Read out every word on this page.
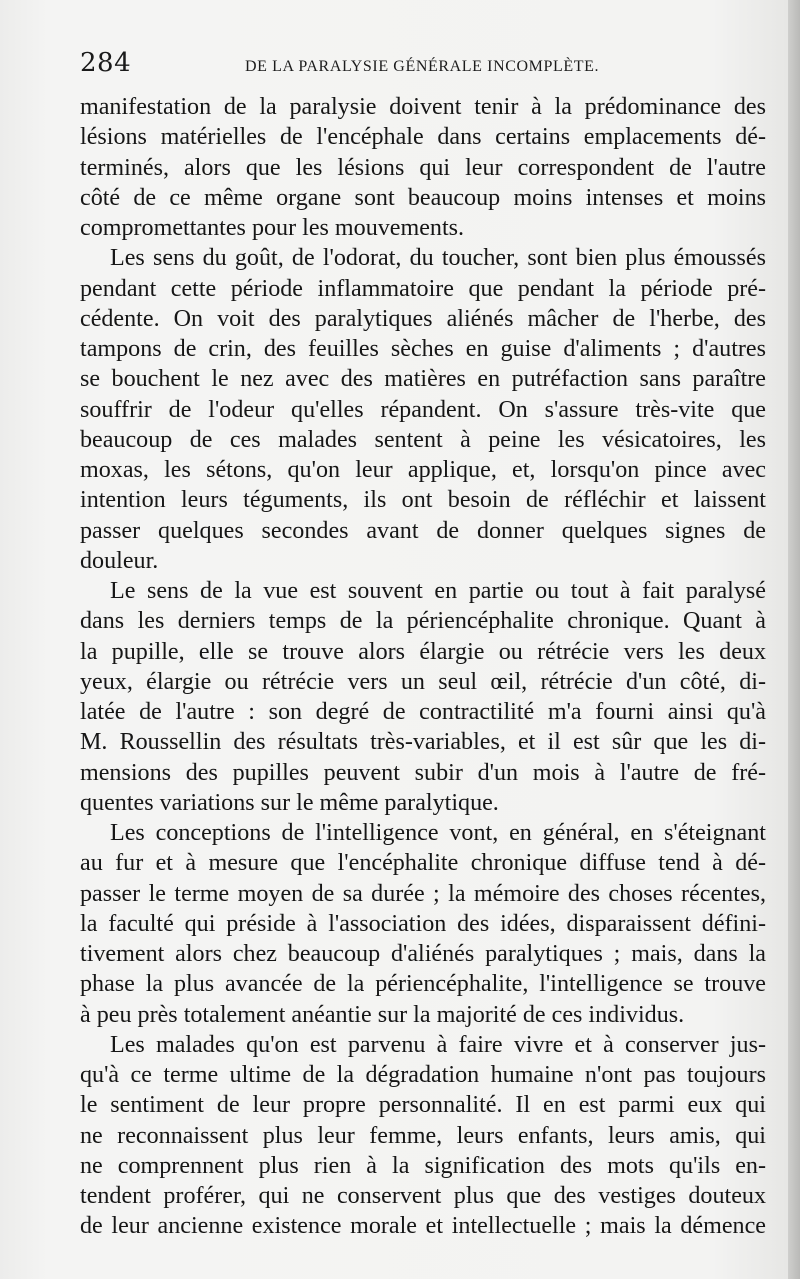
284	DE LA PARALYSIE GÉNÉRALE INCOMPLÈTE.
manifestation de la paralysie doivent tenir à la prédominance des
lésions matérielles de l'encéphale dans certains emplacements dé-
terminés, alors que les lésions qui leur correspondent de l'autre
côté de ce même organe sont beaucoup moins intenses et moins
compromettantes pour les mouvements.
Les sens du goût, de l'odorat, du toucher, sont bien plus émoussés
pendant cette période inflammatoire que pendant la période pré-
cédente. On voit des paralytiques aliénés mâcher de l'herbe, des
tampons de crin, des feuilles sèches en guise d'aliments ; d'autres
se bouchent le nez avec des matières en putréfaction sans paraître
souffrir de l'odeur qu'elles répandent. On s'assure très-vite que
beaucoup de ces malades sentent à peine les vésicatoires, les
moxas, les sétons, qu'on leur applique, et, lorsqu'on pince avec
intention leurs téguments, ils ont besoin de réfléchir et laissent
passer quelques secondes avant de donner quelques signes de
douleur.
Le sens de la vue est souvent en partie ou tout à fait paralysé
dans les derniers temps de la périencéphalite chronique. Quant à
la pupille, elle se trouve alors élargie ou rétrécie vers les deux
yeux, élargie ou rétrécie vers un seul œil, rétrécie d'un côté, di-
latée de l'autre : son degré de contractilité m'a fourni ainsi qu'à
M. Roussellin des résultats très-variables, et il est sûr que les di-
mensions des pupilles peuvent subir d'un mois à l'autre de fré-
quentes variations sur le même paralytique.
Les conceptions de l'intelligence vont, en général, en s'éteignant
au fur et à mesure que l'encéphalite chronique diffuse tend à dé-
passer le terme moyen de sa durée ; la mémoire des choses récentes,
la faculté qui préside à l'association des idées, disparaissent défini-
tivement alors chez beaucoup d'aliénés paralytiques ; mais, dans la
phase la plus avancée de la périencéphalite, l'intelligence se trouve
à peu près totalement anéantie sur la majorité de ces individus.
Les malades qu'on est parvenu à faire vivre et à conserver jus-
qu'à ce terme ultime de la dégradation humaine n'ont pas toujours
le sentiment de leur propre personnalité. Il en est parmi eux qui
ne reconnaissent plus leur femme, leurs enfants, leurs amis, qui
ne comprennent plus rien à la signification des mots qu'ils en-
tendent proférer, qui ne conservent plus que des vestiges douteux
de leur ancienne existence morale et intellectuelle ; mais la démence
